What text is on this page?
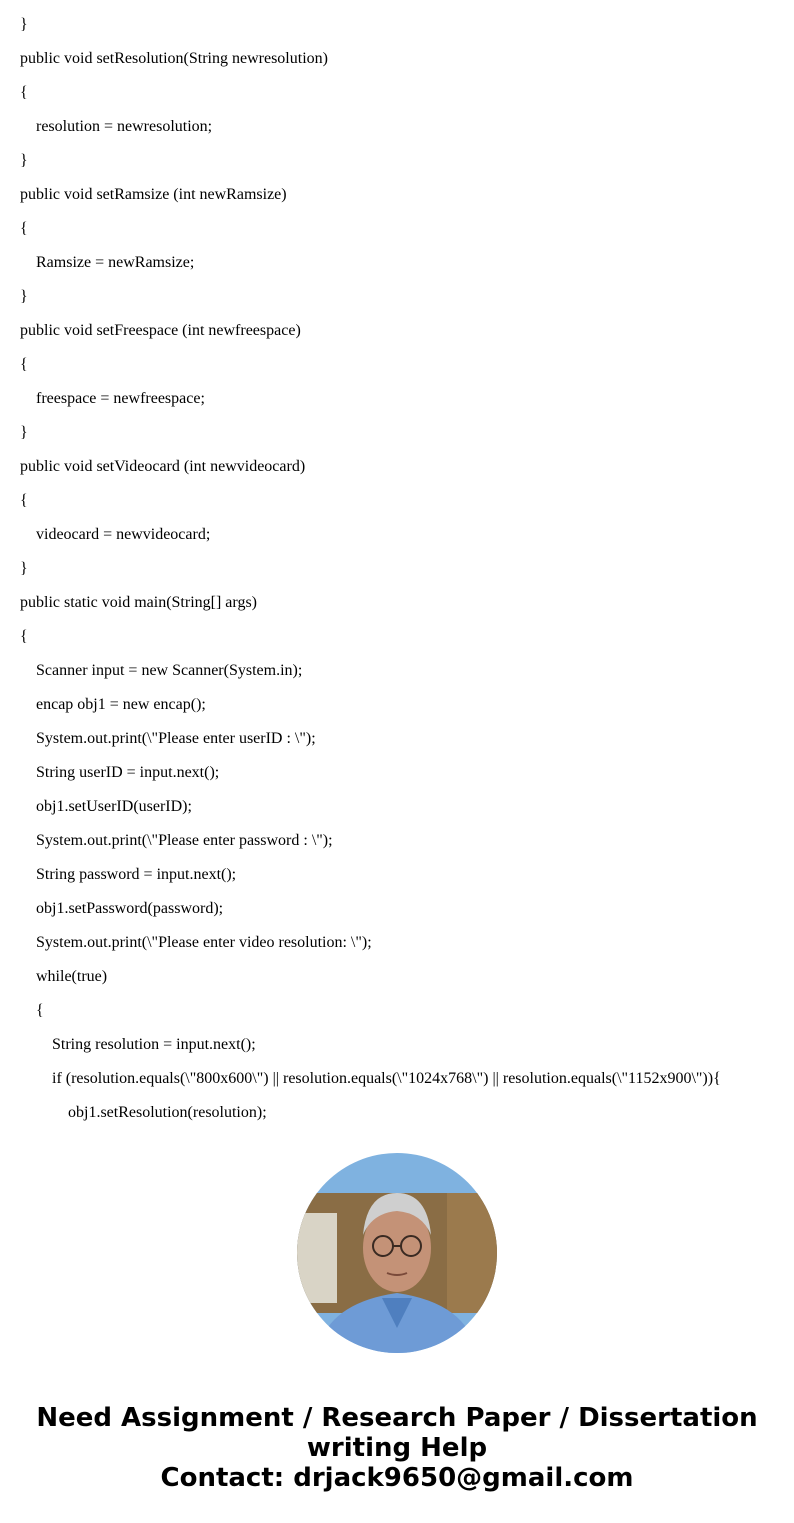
}
public void setResolution(String newresolution)
{
resolution = newresolution;
}
public void setRamsize (int newRamsize)
{
Ramsize = newRamsize;
}
public void setFreespace (int newfreespace)
{
freespace = newfreespace;
}
public void setVideocard (int newvideocard)
{
videocard = newvideocard;
}
public static void main(String[] args)
{
Scanner input = new Scanner(System.in);
encap obj1 = new encap();
System.out.print(\"Please enter userID : \");
String userID = input.next();
obj1.setUserID(userID);
System.out.print(\"Please enter password : \");
String password = input.next();
obj1.setPassword(password);
System.out.print(\"Please enter video resolution: \");
while(true)
{
String resolution = input.next();
if (resolution.equals(\"800x600\") || resolution.equals(\"1024x768\") || resolution.equals(\"1152x900\")){
obj1.setResolution(resolution);
Need Assignment / Research Paper / Dissertation
writing Help
Contact: drjack9650@gmail.com
